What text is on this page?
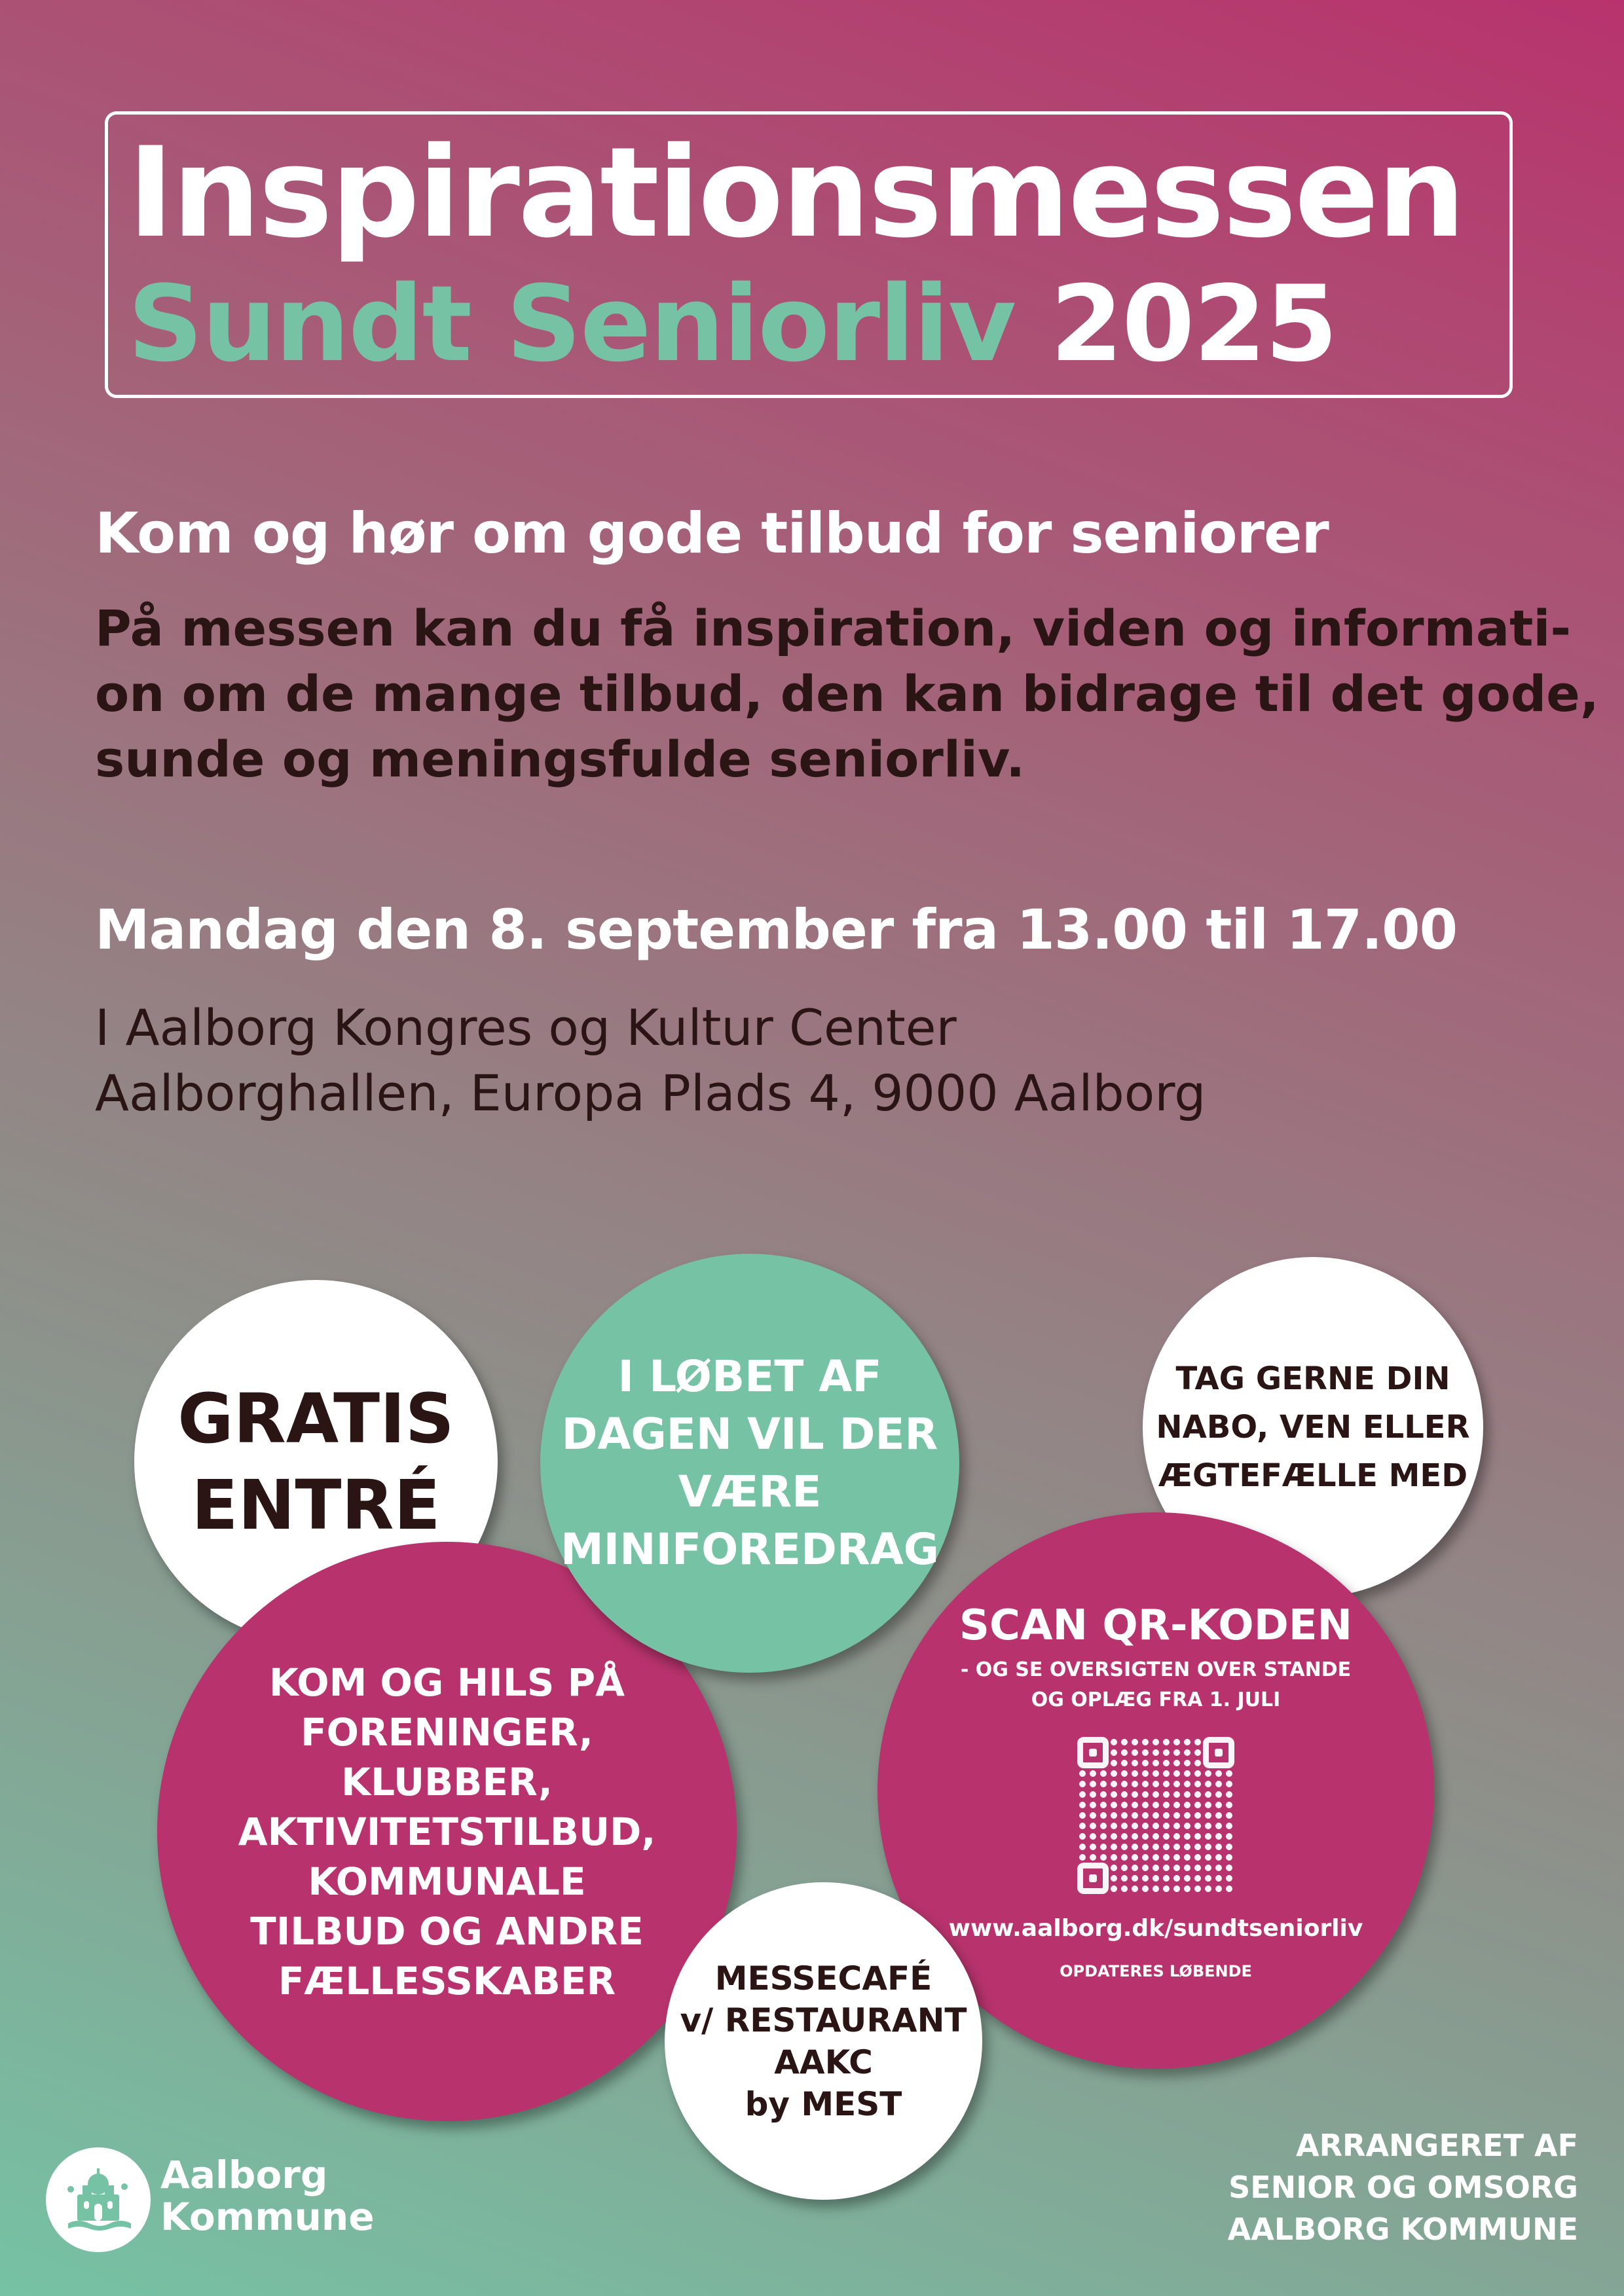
Inspirationsmessen
Sundt Seniorliv 2025
Kom og hør om gode tilbud for seniorer
På messen kan du få inspiration, viden og informati-
on om de mange tilbud, den kan bidrage til det gode,
sunde og meningsfulde seniorliv.
Mandag den 8. september fra 13.00 til 17.00
I Aalborg Kongres og Kultur Center
Aalborghallen, Europa Plads 4, 9000 Aalborg
GRATIS
ENTRÉ
TAG GERNE DIN
NABO, VEN ELLER
ÆGTEFÆLLE MED
KOM OG HILS PÅ
FORENINGER,
KLUBBER,
AKTIVITETSTILBUD,
KOMMUNALE
TILBUD OG ANDRE
FÆLLESSKABER
I LØBET AF
DAGEN VIL DER
VÆRE
MINIFOREDRAG
SCAN QR-KODEN
- OG SE OVERSIGTEN OVER STANDE
OG OPLÆG FRA 1. JULI
www.aalborg.dk/sundtseniorliv
OPDATERES LØBENDE
MESSECAFÉ
v/ RESTAURANT
AAKC
by MEST
Aalborg
Kommune
ARRANGERET AF
SENIOR OG OMSORG
AALBORG KOMMUNE
